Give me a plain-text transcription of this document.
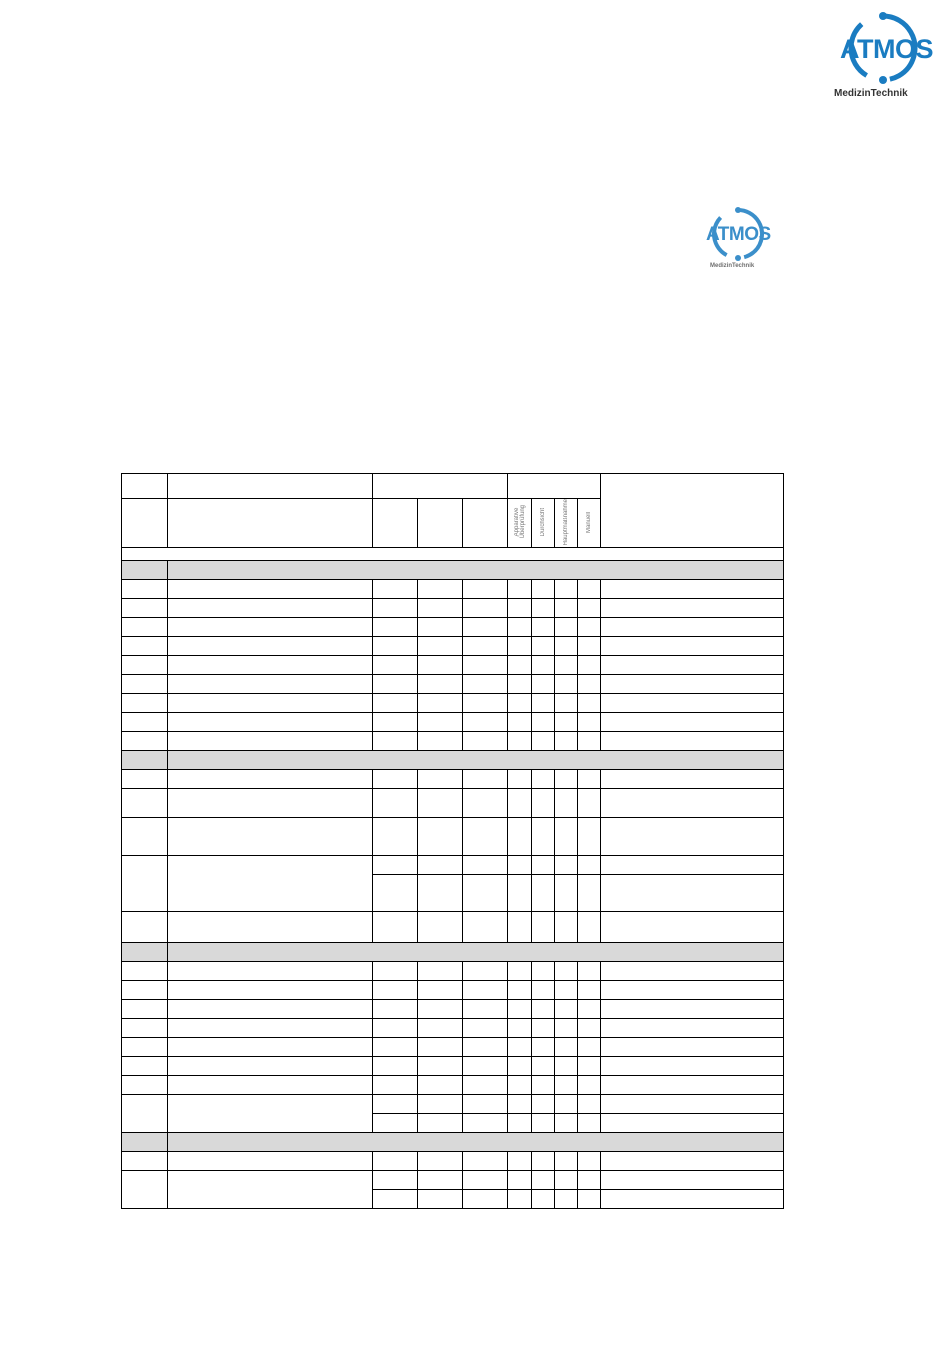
ATMOS
MedizinTechnik
ATMOS
MedizinTechnik

					Apparative Überprüfung	Durchsicht	Hauptmaßnahme	Manuell	
